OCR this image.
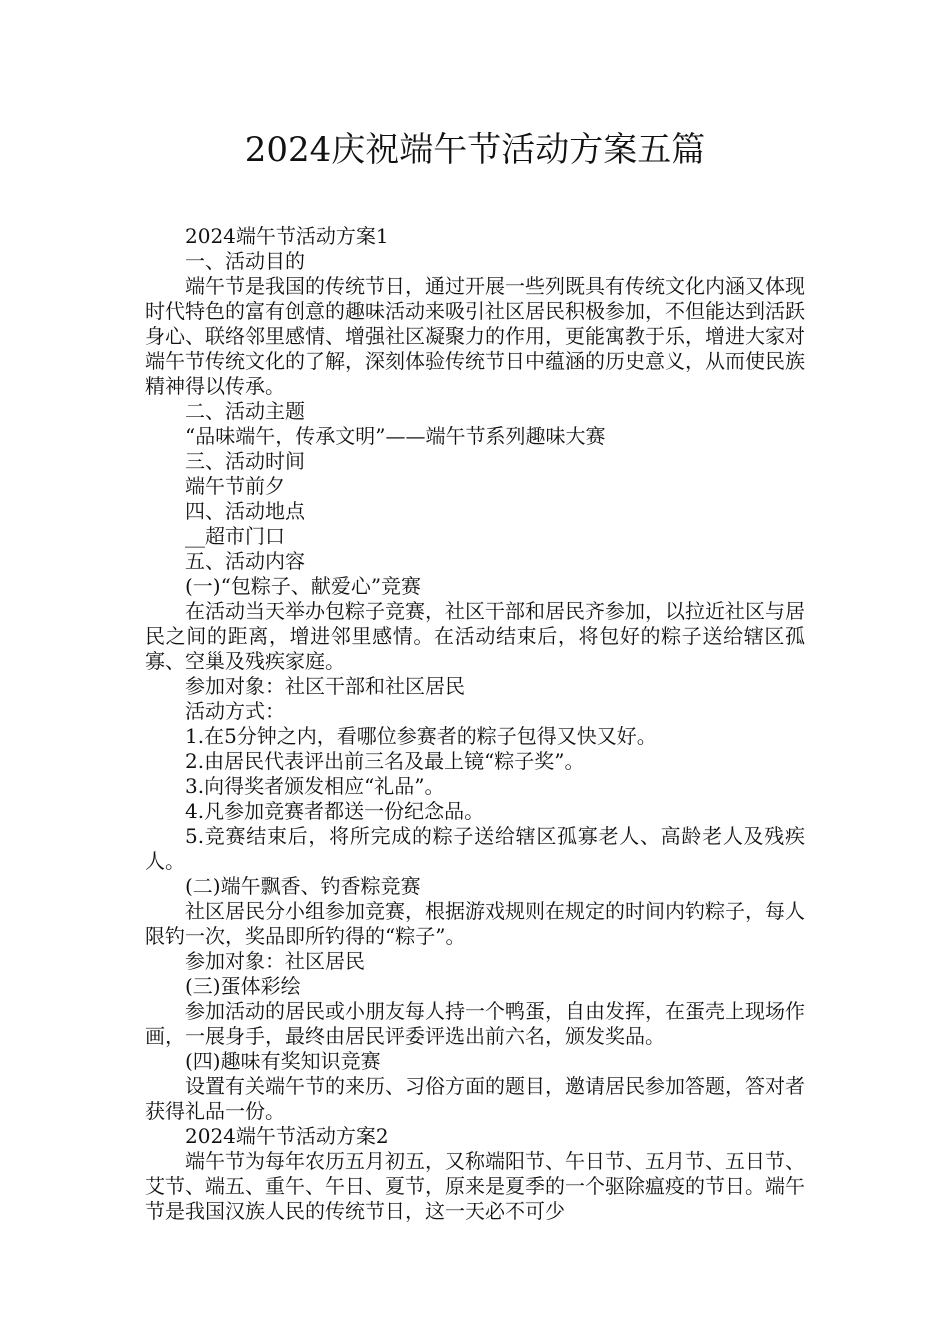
2024庆祝端午节活动方案五篇

2024端午节活动方案1

一、活动目的

端午节是我国的传统节日，通过开展一些列既具有传统文化内涵又体现时代特色的富有创意的趣味活动来吸引社区居民积极参加，不但能达到活跃身心、联络邻里感情、增强社区凝聚力的作用，更能寓教于乐，增进大家对端午节传统文化的了解，深刻体验传统节日中蕴涵的历史意义，从而使民族精神得以传承。

二、活动主题

“品味端午，传承文明”——端午节系列趣味大赛

三、活动时间

端午节前夕

四、活动地点

__超市门口

五、活动内容

(一)“包粽子、献爱心”竞赛

在活动当天举办包粽子竞赛，社区干部和居民齐参加，以拉近社区与居民之间的距离，增进邻里感情。在活动结束后，将包好的粽子送给辖区孤寡、空巢及残疾家庭。

参加对象：社区干部和社区居民

活动方式：

1.在5分钟之内，看哪位参赛者的粽子包得又快又好。

2.由居民代表评出前三名及最上镜“粽子奖”。

3.向得奖者颁发相应“礼品”。

4.凡参加竞赛者都送一份纪念品。

5.竞赛结束后，将所完成的粽子送给辖区孤寡老人、高龄老人及残疾人。

(二)端午飘香、钓香粽竞赛

社区居民分小组参加竞赛，根据游戏规则在规定的时间内钓粽子，每人限钓一次，奖品即所钓得的“粽子”。

参加对象：社区居民

(三)蛋体彩绘

参加活动的居民或小朋友每人持一个鸭蛋，自由发挥，在蛋壳上现场作画，一展身手，最终由居民评委评选出前六名，颁发奖品。

(四)趣味有奖知识竞赛

设置有关端午节的来历、习俗方面的题目，邀请居民参加答题，答对者获得礼品一份。

2024端午节活动方案2

端午节为每年农历五月初五，又称端阳节、午日节、五月节、五日节、艾节、端五、重午、午日、夏节，原来是夏季的一个驱除瘟疫的节日。端午节是我国汉族人民的传统节日，这一天必不可少
